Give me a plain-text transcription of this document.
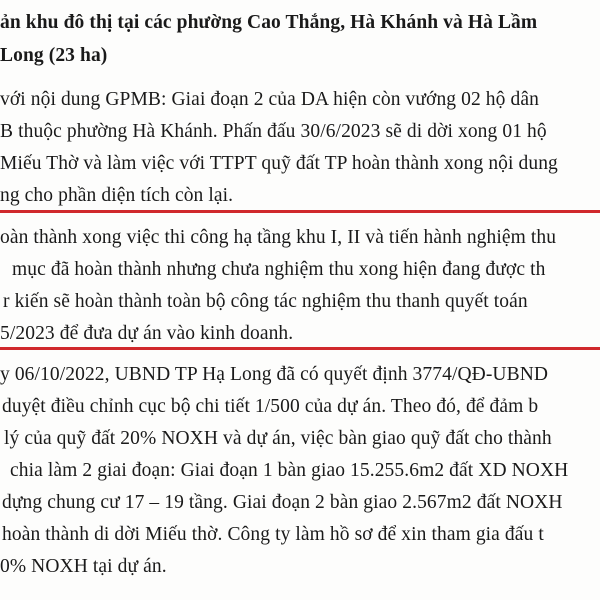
ản khu đô thị tại các phường Cao Thắng, Hà Khánh và Hà Lầm
Long (23 ha)
với nội dung GPMB: Giai đoạn 2 của DA hiện còn vướng 02 hộ dân
B thuộc phường Hà Khánh. Phấn đấu 30/6/2023 sẽ di dời xong 01 hộ
Miếu Thờ và làm việc với TTPT quỹ đất TP hoàn thành xong nội dung
ng cho phần diện tích còn lại.
oàn thành xong việc thi công hạ tầng khu I, II và tiến hành nghiệm thu
mục đã hoàn thành nhưng chưa nghiệm thu xong hiện đang được th
r kiến sẽ hoàn thành toàn bộ công tác nghiệm thu thanh quyết toán
5/2023 để đưa dự án vào kinh doanh.
y 06/10/2022, UBND TP Hạ Long đã có quyết định 3774/QĐ-UBND
duyệt điều chỉnh cục bộ chi tiết 1/500 của dự án. Theo đó, để đảm b
lý của quỹ đất 20% NOXH và dự án, việc bàn giao quỹ đất cho thành
chia làm 2 giai đoạn: Giai đoạn 1 bàn giao 15.255.6m2 đất XD NOXH
dựng chung cư 17 – 19 tầng. Giai đoạn 2 bàn giao 2.567m2 đất NOXH
hoàn thành di dời Miếu thờ. Công ty làm hồ sơ để xin tham gia đấu t
0% NOXH tại dự án.
